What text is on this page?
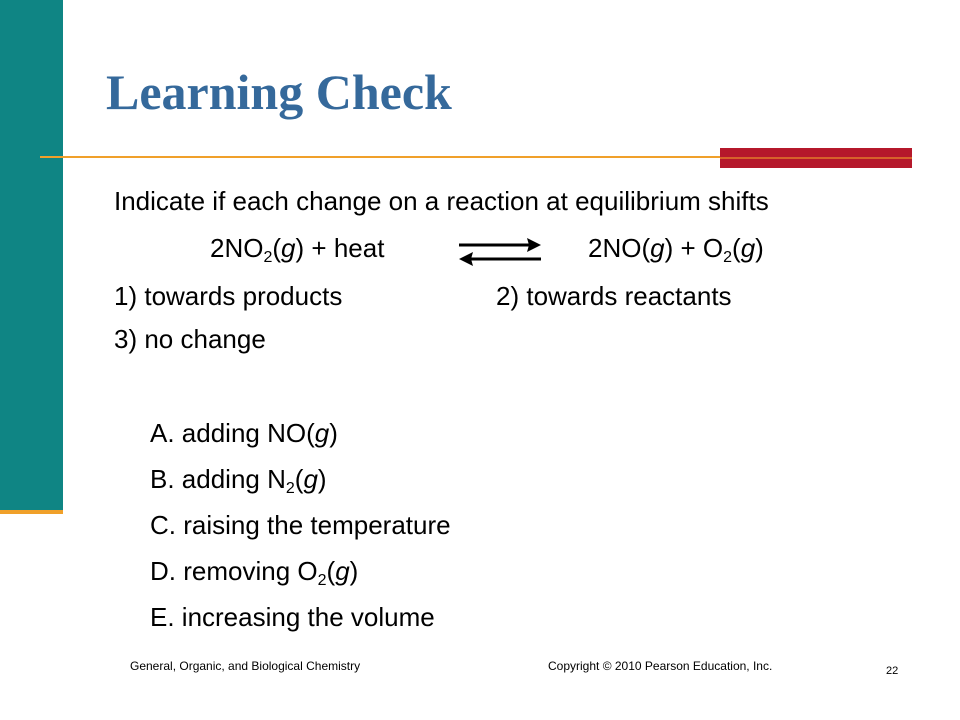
Learning Check
Indicate if each change on a reaction at equilibrium shifts
$2NO_2(g)$ + heat	$2NO(g) + O_2(g)$
1) towards products	2) towards reactants
3) no change
A. adding NO(g)
B. adding $N_2(g)$
C. raising the temperature
D. removing $O_2(g)$
E. increasing the volume
General, Organic, and Biological Chemistry	Copyright © 2010 Pearson Education, Inc.	22
